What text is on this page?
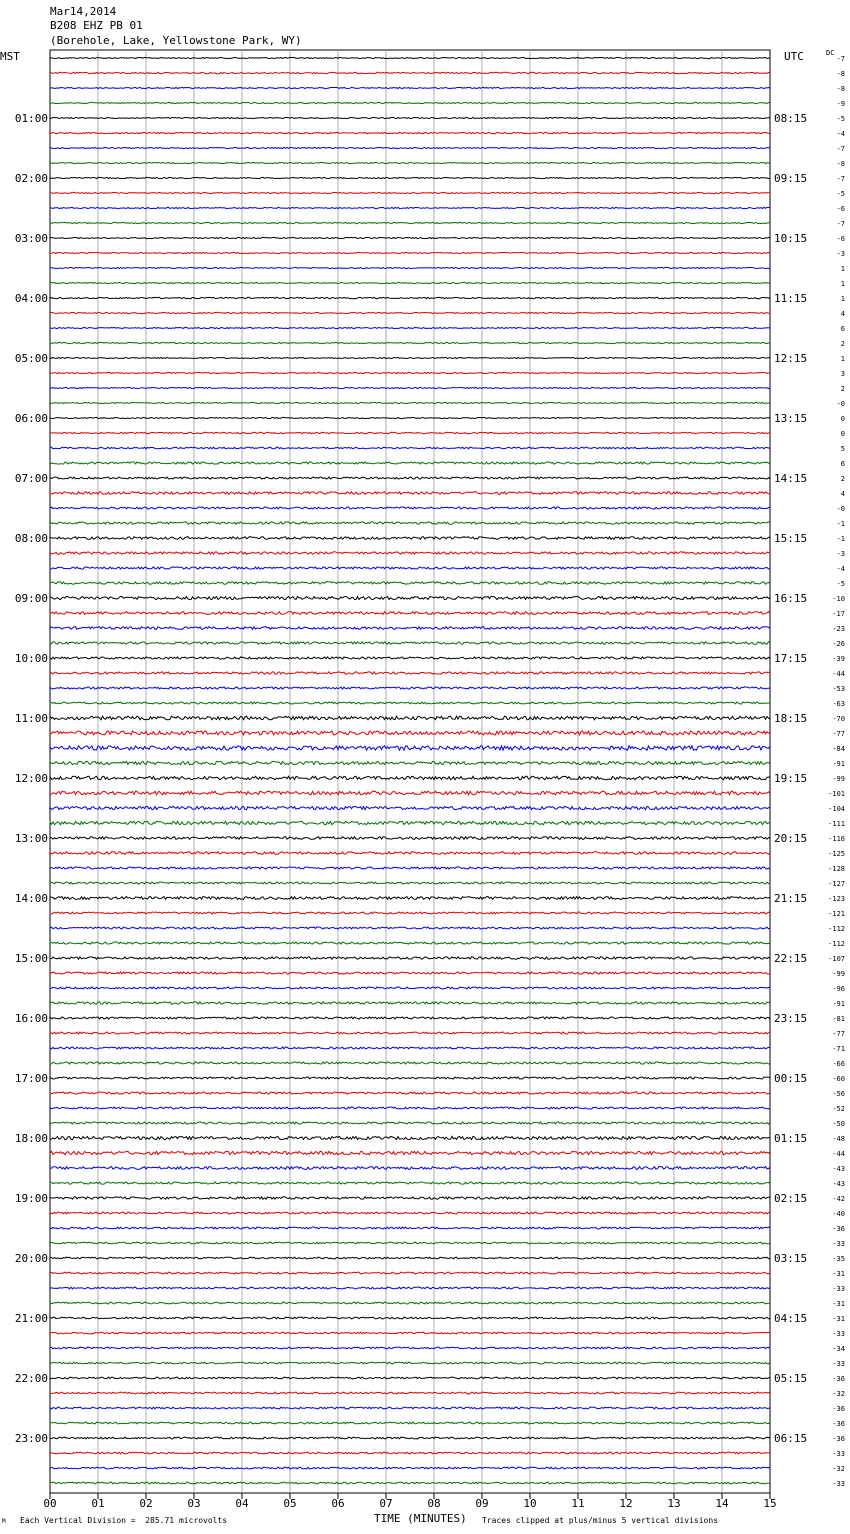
Mar14,2014
B208 EHZ PB 01
(Borehole, Lake, Yellowstone Park, WY)
MST	UTC	DC
00	01	02	03	04	05	06	07	08	09	10	11	12	13	14	15
-7
-8
-8
-9
-5
-4
-7
-8
-7
-5
-6
-7
-6
-3
1
1
1
4
6
2
1
3
2
-0
0
0
5
6
2
4
-0
-1
-1
-3
-4
-5
-10
-17
-23
-26
-39
-44
-53
-63
-70
-77
-84
-91
-99
-101
-104
-111
-116
-125
-128
-127
-123
-121
-112
-112
-107
-99
-96
-91
-81
-77
-71
-66
-60
-56
-52
-50
-48
-44
-43
-43
-42
-40
-36
-33
-35
-31
-33
-31
-31
-33
-34
-33
-36
-32
-36
-36
-36
-33
-32
-33
01:00
02:00
03:00
04:00
05:00
06:00
07:00
08:00
09:00
10:00
11:00
12:00
13:00
14:00
15:00
16:00
17:00
18:00
19:00
20:00
21:00
22:00
23:00
08:15
09:15
10:15
11:15
12:15
13:15
14:15
15:15
16:15
17:15
18:15
19:15
20:15
21:15
22:15
23:15
00:15
01:15
02:15
03:15
04:15
05:15
06:15
M Each Vertical Division =  285.71 microvolts	TIME (MINUTES) Traces clipped at plus/minus 5 vertical divisions
